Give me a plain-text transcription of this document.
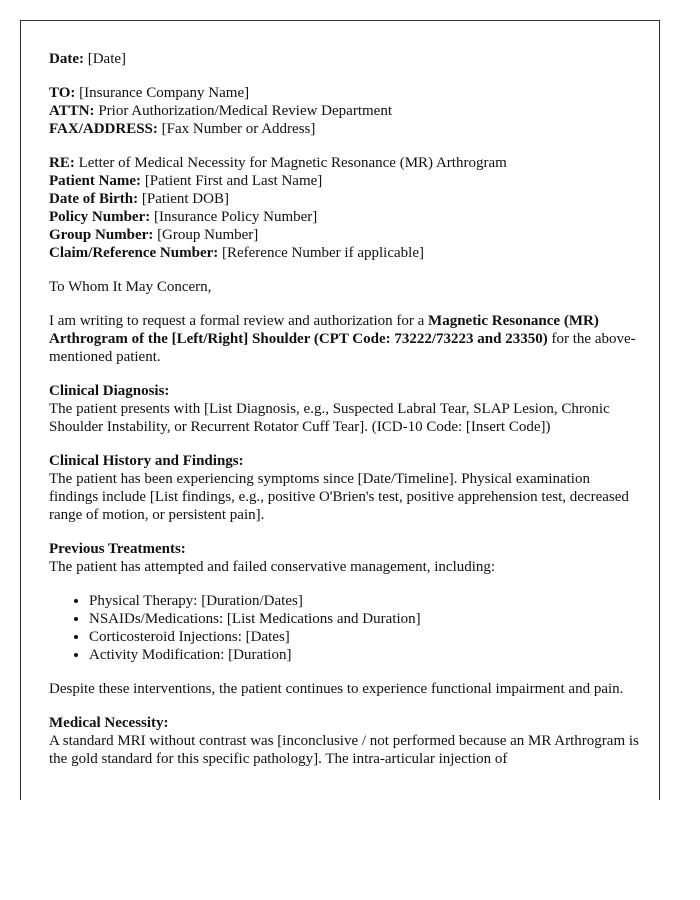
Date: [Date]

TO: [Insurance Company Name]
ATTN: Prior Authorization/Medical Review Department
FAX/ADDRESS: [Fax Number or Address]
RE: Letter of Medical Necessity for Magnetic Resonance (MR) Arthrogram
Patient Name: [Patient First and Last Name]
Date of Birth: [Patient DOB]
Policy Number: [Insurance Policy Number]
Group Number: [Group Number]
Claim/Reference Number: [Reference Number if applicable]

To Whom It May Concern,

I am writing to request a formal review and authorization for a Magnetic Resonance (MR) Arthrogram of the [Left/Right] Shoulder (CPT Code: 73222/73223 and 23350) for the above-mentioned patient.

Clinical Diagnosis:
The patient presents with [List Diagnosis, e.g., Suspected Labral Tear, SLAP Lesion, Chronic Shoulder Instability, or Recurrent Rotator Cuff Tear]. (ICD-10 Code: [Insert Code])
Clinical History and Findings:
The patient has been experiencing symptoms since [Date/Timeline]. Physical examination findings include [List findings, e.g., positive O'Brien's test, positive apprehension test, decreased range of motion, or persistent pain].
Previous Treatments:
The patient has attempted and failed conservative management, including:
• Physical Therapy: [Duration/Dates]
• NSAIDs/Medications: [List Medications and Duration]
• Corticosteroid Injections: [Dates]
• Activity Modification: [Duration]

Despite these interventions, the patient continues to experience functional impairment and pain.

Medical Necessity:
A standard MRI without contrast was [inconclusive / not performed because an MR Arthrogram is the gold standard for this specific pathology]. The intra-articular injection of
